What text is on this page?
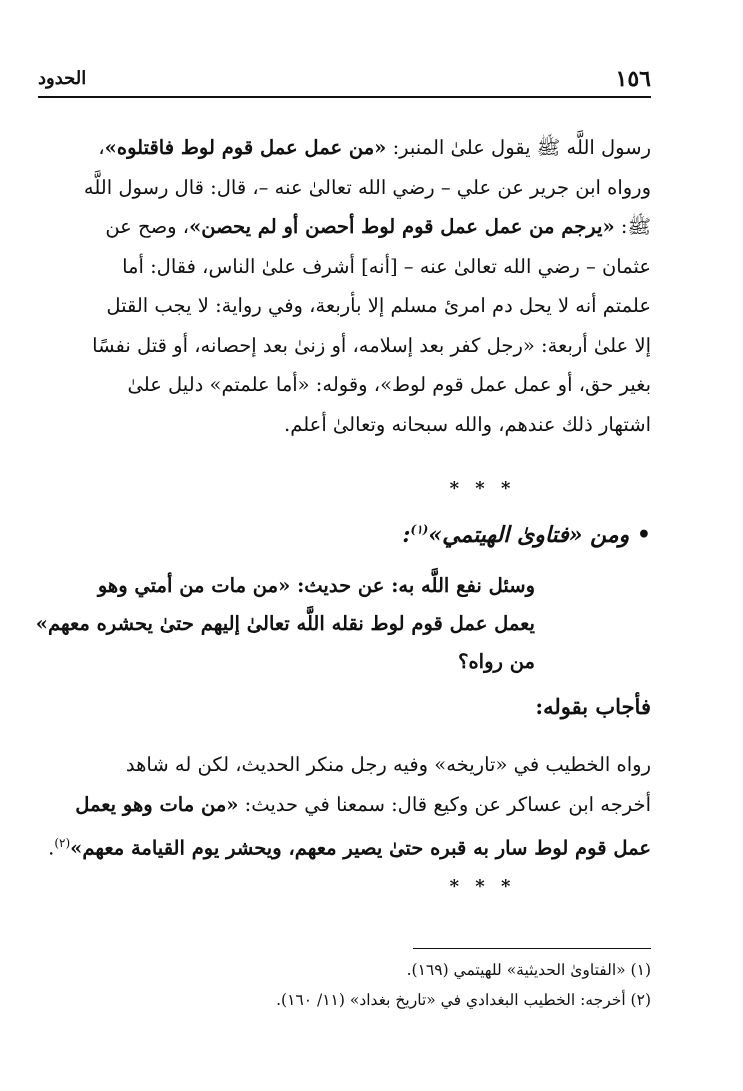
١٥٦
الحدود
رسول اللَّه ﷺ يقول علىٰ المنبر: «من عمل عمل قوم لوط فاقتلوه»،
ورواه ابن جرير عن علي – رضي الله تعالىٰ عنه –، قال: قال رسول اللَّه
ﷺ: «يرجم من عمل عمل قوم لوط أحصن أو لم يحصن»، وصح عن
عثمان – رضي الله تعالىٰ عنه – [أنه] أشرف علىٰ الناس، فقال: أما
علمتم أنه لا يحل دم امرئ مسلم إلا بأربعة، وفي رواية: لا يجب القتل
إلا علىٰ أربعة: «رجل كفر بعد إسلامه، أو زنىٰ بعد إحصانه، أو قتل نفسًا
بغير حق، أو عمل عمل قوم لوط»، وقوله: «أما علمتم» دليل علىٰ
اشتهار ذلك عندهم، والله سبحانه وتعالىٰ أعلم.
* * *
• ومن «فتاوىٰ الهيتمي»$^{(١)}$:
وسئل نفع اللَّه به: عن حديث: «من مات من أمتي وهو
يعمل عمل قوم لوط نقله اللَّه تعالىٰ إليهم حتىٰ يحشره معهم»
من رواه؟
فأجاب بقوله:
رواه الخطيب في «تاريخه» وفيه رجل منكر الحديث، لكن له شاهد
أخرجه ابن عساكر عن وكيع قال: سمعنا في حديث: «من مات وهو يعمل
عمل قوم لوط سار به قبره حتىٰ يصير معهم، ويحشر يوم القيامة معهم»$^{(٢)}$.
* * *
(١) «الفتاوىٰ الحديثية» للهيتمي (١٦٩).
(٢) أخرجه: الخطيب البغدادي في «تاريخ بغداد» (١١/ ١٦٠).
